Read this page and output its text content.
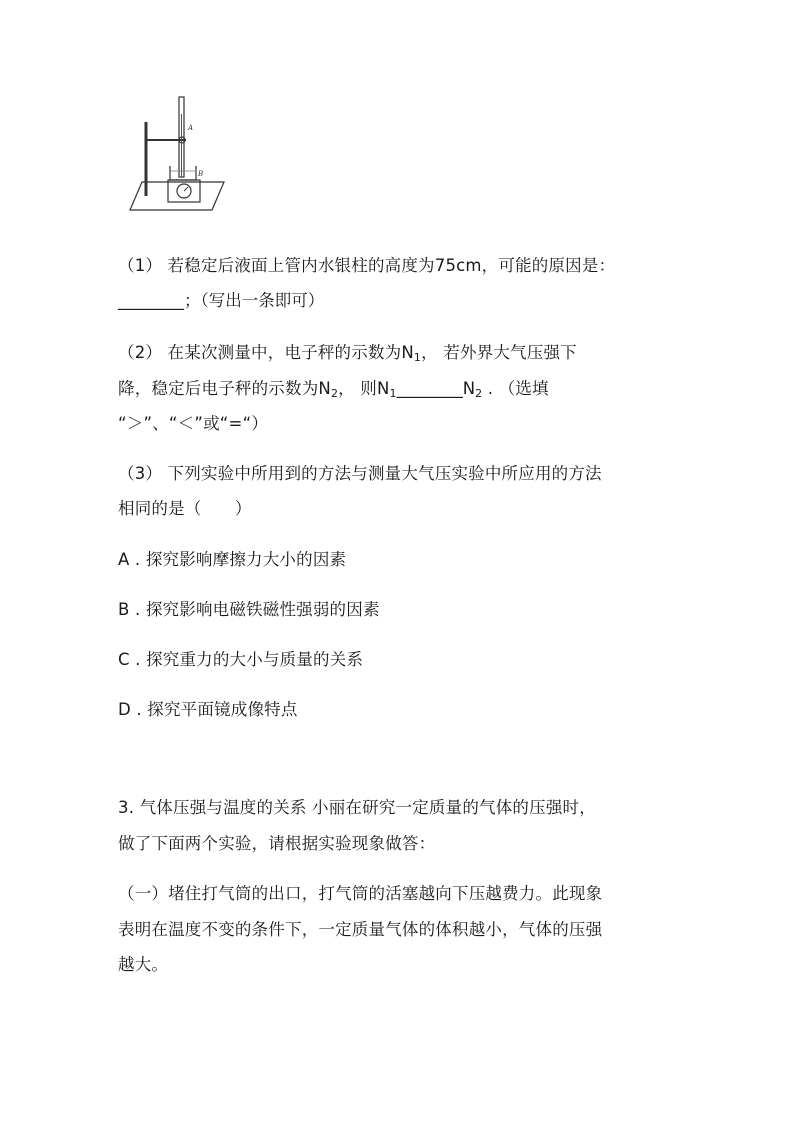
A
B
（1） 若稳定后液面上管内水银柱的高度为75cm，可能的原因是：
________；（写出一条即可）
（2） 在某次测量中，电子秤的示数为$N_1$， 若外界大气压强下
降，稳定后电子秤的示数为$N_2$， 则$N_1\_\_\_\_\_\_\_\_N_2$ . （选填
“＞”、“＜”或“=“）
（3） 下列实验中所用到的方法与测量大气压实验中所应用的方法
相同的是（　　）
A . 探究影响摩擦力大小的因素
B . 探究影响电磁铁磁性强弱的因素
C . 探究重力的大小与质量的关系
D . 探究平面镜成像特点
3. 气体压强与温度的关系 小丽在研究一定质量的气体的压强时，
做了下面两个实验，请根据实验现象做答：
（一）堵住打气筒的出口，打气筒的活塞越向下压越费力。此现象
表明在温度不变的条件下，一定质量气体的体积越小，气体的压强
越大。
